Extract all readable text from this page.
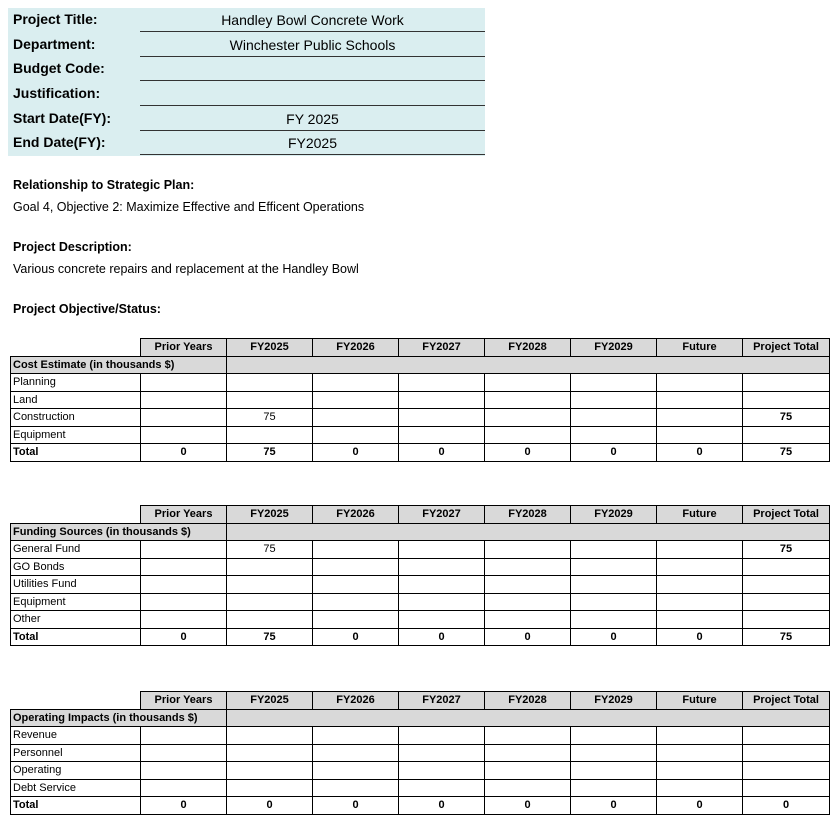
Project Title:	Handley Bowl Concrete Work
Department:	Winchester Public Schools
Budget Code:
Justification:
Start Date(FY):	FY 2025
End Date(FY):	FY2025
Relationship to Strategic Plan:
Goal 4, Objective 2: Maximize Effective and Efficent Operations
Project Description:
Various concrete repairs and replacement at the Handley Bowl
Project Objective/Status:
	Prior Years	FY2025	FY2026	FY2027	FY2028	FY2029	Future	Project Total
Cost Estimate (in thousands $)								
Planning								
Land								
Construction		75						75
Equipment								
Total	0	75	0	0	0	0	0	75
	Prior Years	FY2025	FY2026	FY2027	FY2028	FY2029	Future	Project Total
Funding Sources (in thousands $)								
General Fund		75						75
GO Bonds								
Utilities Fund								
Equipment								
Other								
Total	0	75	0	0	0	0	0	75
	Prior Years	FY2025	FY2026	FY2027	FY2028	FY2029	Future	Project Total
Operating Impacts (in thousands $)								
Revenue								
Personnel								
Operating								
Debt Service								
Total	0	0	0	0	0	0	0	0
